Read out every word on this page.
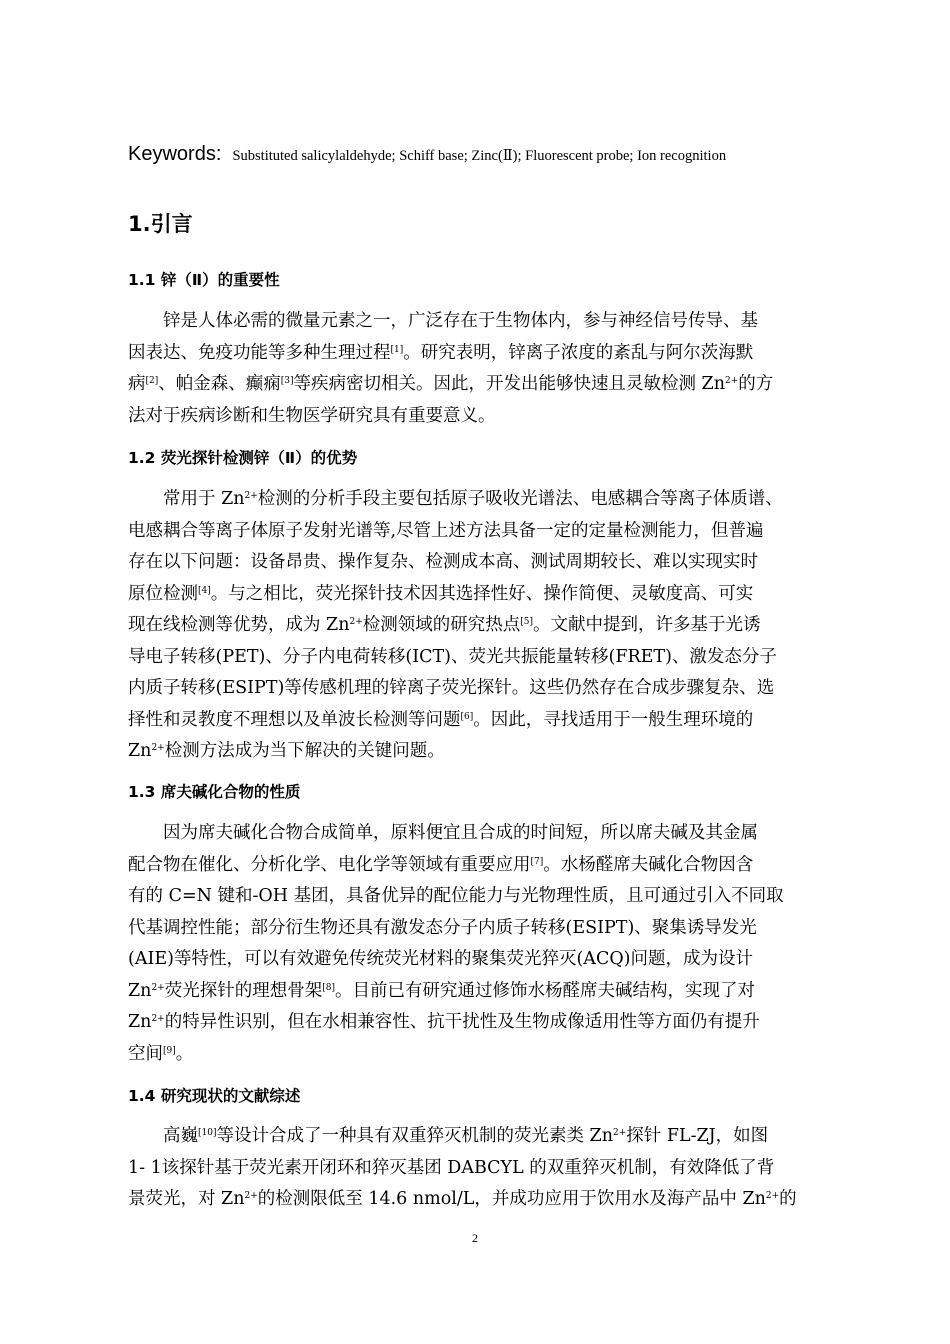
Keywords: Substituted salicylaldehyde; Schiff base; Zinc(Ⅱ); Fluorescent probe; Ion recognition
1.引言
1.1 锌（Ⅱ）的重要性
锌是人体必需的微量元素之一，广泛存在于生物体内，参与神经信号传导、基
因表达、免疫功能等多种生理过程[1]。研究表明，锌离子浓度的紊乱与阿尔茨海默
病[2]、帕金森、癫痫[3]等疾病密切相关。因此，开发出能够快速且灵敏检测 $Zn^{2+}$的方
法对于疾病诊断和生物医学研究具有重要意义。
1.2 荧光探针检测锌（Ⅱ）的优势
常用于 $Zn^{2+}$检测的分析手段主要包括原子吸收光谱法、电感耦合等离子体质谱、
电感耦合等离子体原子发射光谱等,尽管上述方法具备一定的定量检测能力，但普遍
存在以下问题：设备昂贵、操作复杂、检测成本高、测试周期较长、难以实现实时
原位检测[4]。与之相比，荧光探针技术因其选择性好、操作简便、灵敏度高、可实
现在线检测等优势，成为 $Zn^{2+}$检测领域的研究热点[5]。文献中提到，许多基于光诱
导电子转移(PET)、分子内电荷转移(ICT)、荧光共振能量转移(FRET)、激发态分子
内质子转移(ESIPT)等传感机理的锌离子荧光探针。这些仍然存在合成步骤复杂、选
择性和灵教度不理想以及单波长检测等问题[6]。因此，寻找适用于一般生理环境的
$Zn^{2+}$检测方法成为当下解决的关键问题。
1.3 席夫碱化合物的性质
因为席夫碱化合物合成简单，原料便宜且合成的时间短，所以席夫碱及其金属
配合物在催化、分析化学、电化学等领域有重要应用[7]。水杨醛席夫碱化合物因含
有的 C=N 键和-OH 基团，具备优异的配位能力与光物理性质，且可通过引入不同取
代基调控性能；部分衍生物还具有激发态分子内质子转移(ESIPT)、聚集诱导发光
(AIE)等特性，可以有效避免传统荧光材料的聚集荧光猝灭(ACQ)问题，成为设计
$Zn^{2+}$荧光探针的理想骨架[8]。目前已有研究通过修饰水杨醛席夫碱结构，实现了对
$Zn^{2+}$的特异性识别，但在水相兼容性、抗干扰性及生物成像适用性等方面仍有提升
空间[9]。
1.4 研究现状的文献综述
高巍[10]等设计合成了一种具有双重猝灭机制的荧光素类 $Zn^{2+}$探针 FL-ZJ，如图
1- 1该探针基于荧光素开闭环和猝灭基团 DABCYL 的双重猝灭机制，有效降低了背
景荧光，对 $Zn^{2+}$的检测限低至 14.6 nmol/L，并成功应用于饮用水及海产品中 $Zn^{2+}$的
2
